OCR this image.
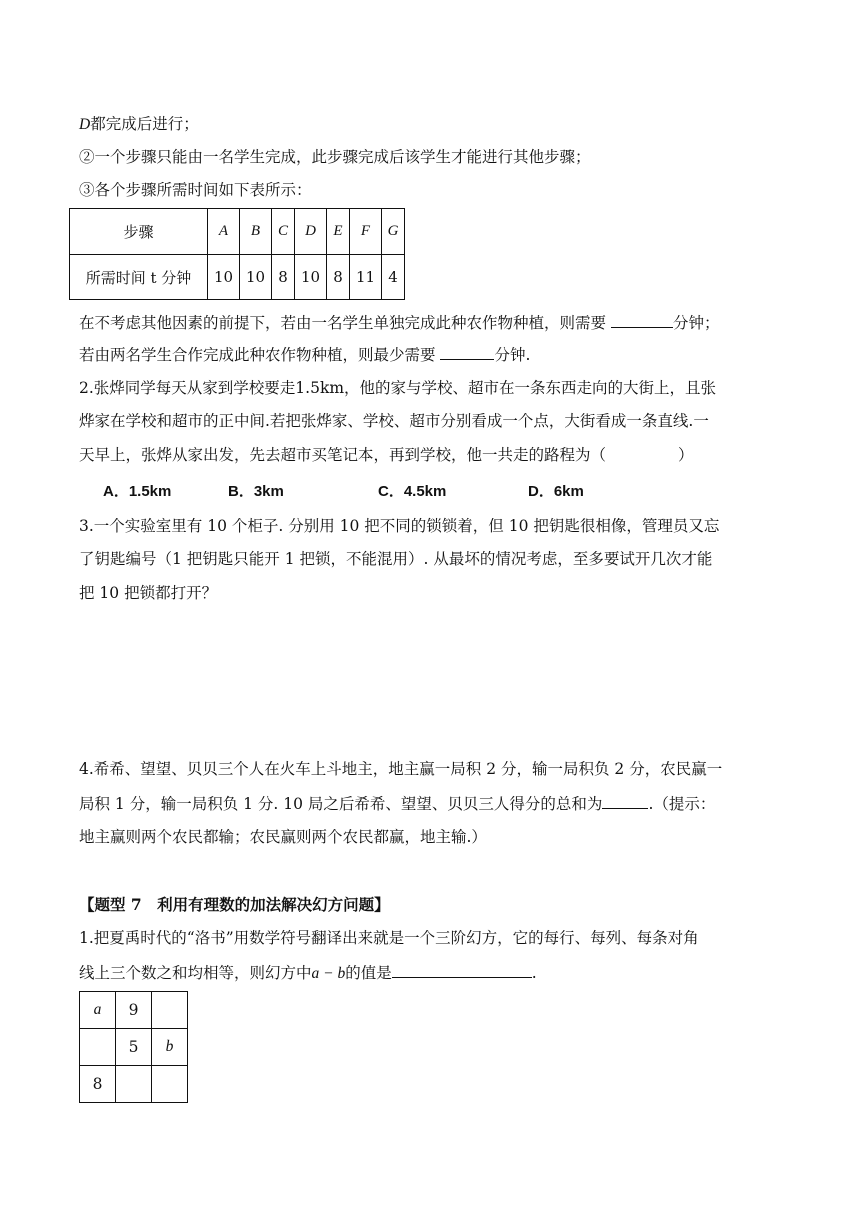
D都完成后进行；
②一个步骤只能由一名学生完成，此步骤完成后该学生才能进行其他步骤；
③各个步骤所需时间如下表所示：
步骤	A	B	C	D	E	F	G
所需时间 t 分钟	10	10	8	10	8	11	4
在不考虑其他因素的前提下，若由一名学生单独完成此种农作物种植，则需要	分钟；
若由两名学生合作完成此种农作物种植，则最少需要	分钟.
2.张烨同学每天从家到学校要走1.5km，他的家与学校、超市在一条东西走向的大街上，且张
烨家在学校和超市的正中间.若把张烨家、学校、超市分别看成一个点，大街看成一条直线.一
天早上，张烨从家出发，先去超市买笔记本，再到学校，他一共走的路程为（	）
A．1.5km	B．3km	C．4.5km	D．6km
3.一个实验室里有 10 个柜子. 分别用 10 把不同的锁锁着，但 10 把钥匙很相像，管理员又忘
了钥匙编号（1 把钥匙只能开 1 把锁，不能混用）. 从最坏的情况考虑，至多要试开几次才能
把 10 把锁都打开？
4.希希、望望、贝贝三个人在火车上斗地主，地主赢一局积 2 分，输一局积负 2 分，农民赢一
局积 1 分，输一局积负 1 分. 10 局之后希希、望望、贝贝三人得分的总和为	.（提示：
地主赢则两个农民都输；农民赢则两个农民都赢，地主输.）
【题型 7　利用有理数的加法解决幻方问题】
1.把夏禹时代的“洛书”用数学符号翻译出来就是一个三阶幻方，它的每行、每列、每条对角
线上三个数之和均相等，则幻方中a − b的值是	.
a	9	
	5	b
8		
